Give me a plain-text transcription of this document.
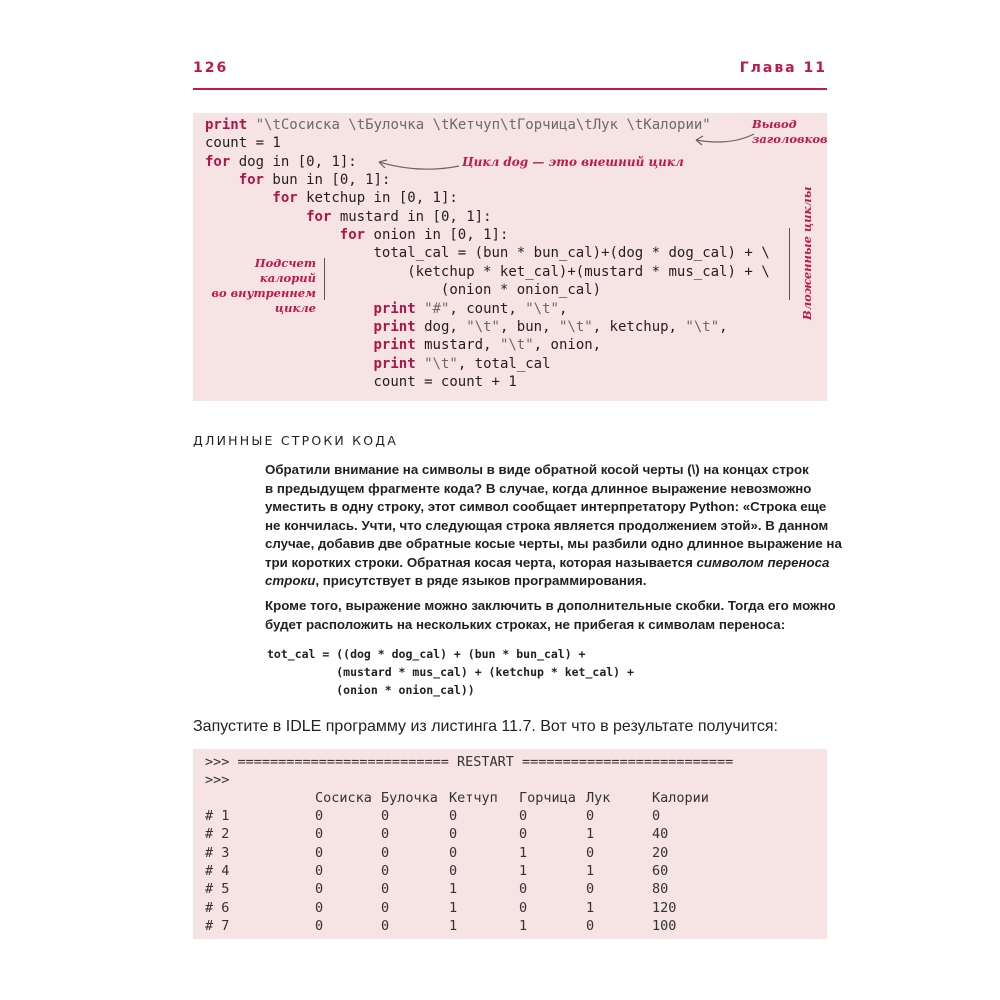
126	Глава 11
print "\tСосиска \tБулочка \tКетчуп\tГорчица\tЛук \tКалории"
count = 1
for dog in [0, 1]:
for bun in [0, 1]:
for ketchup in [0, 1]:
for mustard in [0, 1]:
for onion in [0, 1]:
total_cal = (bun * bun_cal)+(dog * dog_cal) + \
(ketchup * ket_cal)+(mustard * mus_cal) + \
(onion * onion_cal)
print "#", count, "\t",
print dog, "\t", bun, "\t", ketchup, "\t",
print mustard, "\t", onion,
print "\t", total_cal
count = count + 1
Вывод заголовков
Цикл dog — это внешний цикл
Подсчет калорий
во внутреннем
цикле	Вложенные циклы
ДЛИННЫЕ СТРОКИ КОДА
Обратили внимание на символы в виде обратной косой черты (\) на концах строк
в предыдущем фрагменте кода? В случае, когда длинное выражение невозможно
уместить в одну строку, этот символ сообщает интерпретатору Python: «Строка еще
не кончилась. Учти, что следующая строка является продолжением этой». В данном
случае, добавив две обратные косые черты, мы разбили одно длинное выражение на
три коротких строки. Обратная косая черта, которая называется символом переноса
строки, присутствует в ряде языков программирования.
Кроме того, выражение можно заключить в дополнительные скобки. Тогда его можно
будет расположить на нескольких строках, не прибегая к символам переноса:
tot_cal = ((dog * dog_cal) + (bun * bun_cal) +
(mustard * mus_cal) + (ketchup * ket_cal) +
(onion * onion_cal))
Запустите в IDLE программу из листинга 11.7. Вот что в результате получится:
>>> ========================== RESTART ==========================
>>>
Сосиска Булочка Кетчуп Горчица Лук	Калории
# 1	0	0	0	0	0	0
# 2	0	0	0	0	1	40
# 3	0	0	0	1	0	20
# 4	0	0	0	1	1	60
# 5	0	0	1	0	0	80
# 6	0	0	1	0	1	120
# 7	0	0	1	1	0	100
